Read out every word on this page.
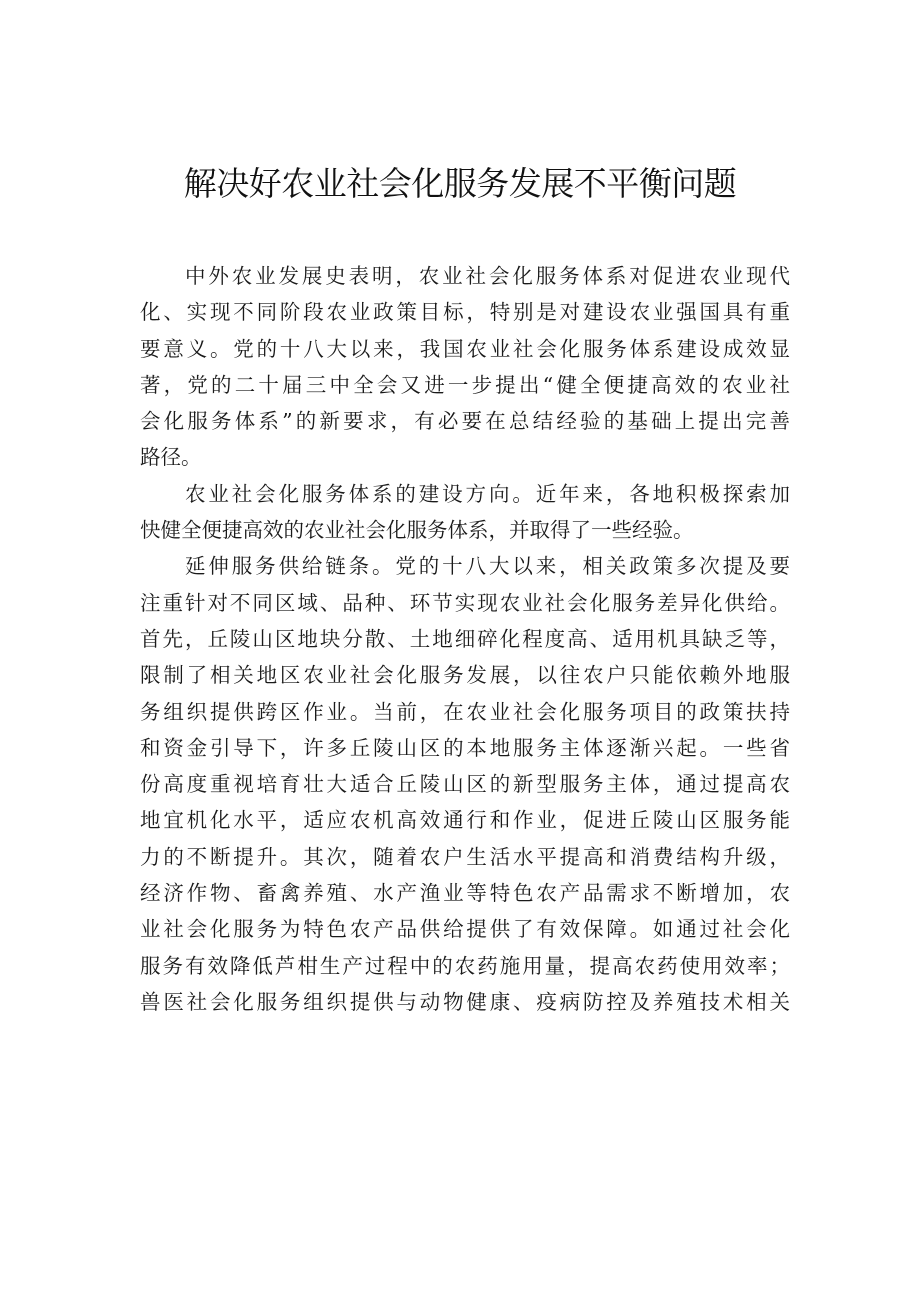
解决好农业社会化服务发展不平衡问题
中外农业发展史表明，农业社会化服务体系对促进农业现代
化、实现不同阶段农业政策目标，特别是对建设农业强国具有重
要意义。党的十八大以来，我国农业社会化服务体系建设成效显
著，党的二十届三中全会又进一步提出“健全便捷高效的农业社
会化服务体系”的新要求，有必要在总结经验的基础上提出完善
路径。
农业社会化服务体系的建设方向。近年来，各地积极探索加
快健全便捷高效的农业社会化服务体系，并取得了一些经验。
延伸服务供给链条。党的十八大以来，相关政策多次提及要
注重针对不同区域、品种、环节实现农业社会化服务差异化供给。
首先，丘陵山区地块分散、土地细碎化程度高、适用机具缺乏等，
限制了相关地区农业社会化服务发展，以往农户只能依赖外地服
务组织提供跨区作业。当前，在农业社会化服务项目的政策扶持
和资金引导下，许多丘陵山区的本地服务主体逐渐兴起。一些省
份高度重视培育壮大适合丘陵山区的新型服务主体，通过提高农
地宜机化水平，适应农机高效通行和作业，促进丘陵山区服务能
力的不断提升。其次，随着农户生活水平提高和消费结构升级，
经济作物、畜禽养殖、水产渔业等特色农产品需求不断增加，农
业社会化服务为特色农产品供给提供了有效保障。如通过社会化
服务有效降低芦柑生产过程中的农药施用量，提高农药使用效率；
兽医社会化服务组织提供与动物健康、疫病防控及养殖技术相关
